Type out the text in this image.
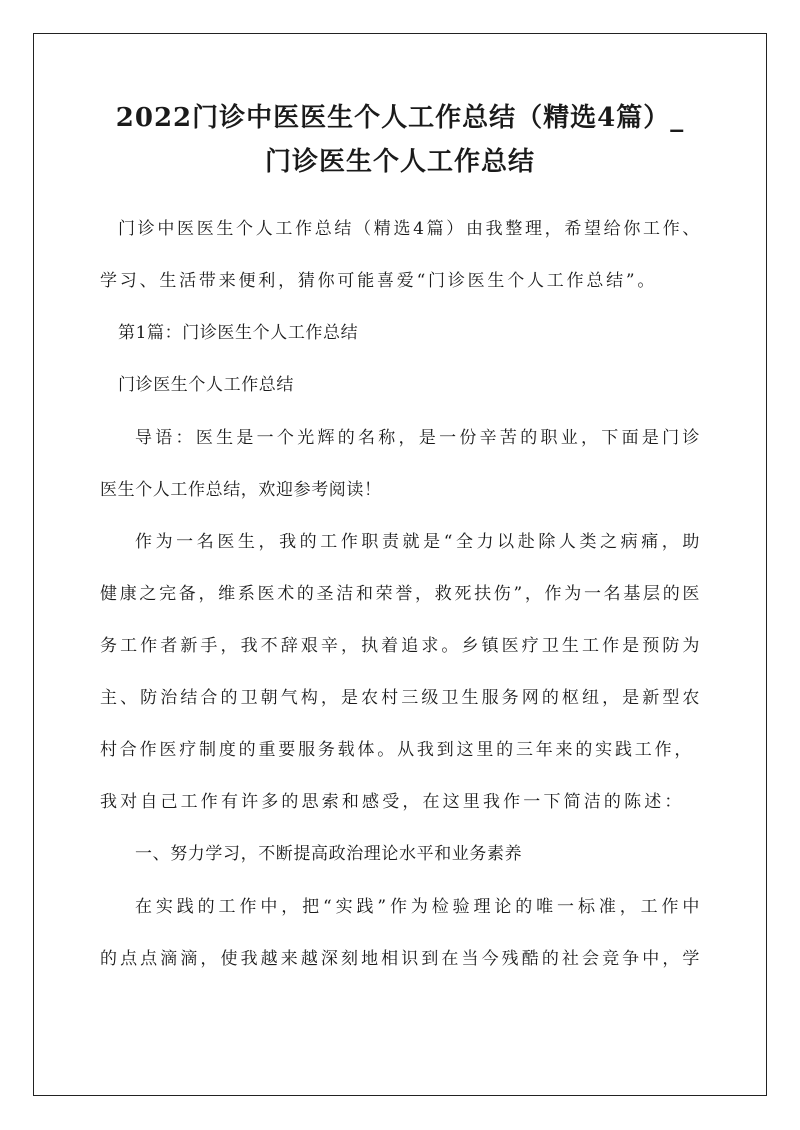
2022门诊中医医生个人工作总结（精选4篇）_
门诊医生个人工作总结
门诊中医医生个人工作总结（精选4篇）由我整理，希望给你工作、
学习、生活带来便利，猜你可能喜爱“门诊医生个人工作总结”。
第1篇：门诊医生个人工作总结
门诊医生个人工作总结
导语：医生是一个光辉的名称，是一份辛苦的职业，下面是门诊
医生个人工作总结，欢迎参考阅读！
作为一名医生，我的工作职责就是“全力以赴除人类之病痛，助
健康之完备，维系医术的圣洁和荣誉，救死扶伤”，作为一名基层的医
务工作者新手，我不辞艰辛，执着追求。乡镇医疗卫生工作是预防为
主、防治结合的卫朝气构，是农村三级卫生服务网的枢纽，是新型农
村合作医疗制度的重要服务载体。从我到这里的三年来的实践工作，
我对自己工作有许多的思索和感受，在这里我作一下简洁的陈述：
一、努力学习，不断提高政治理论水平和业务素养
在实践的工作中，把“实践”作为检验理论的唯一标准，工作中
的点点滴滴，使我越来越深刻地相识到在当今残酷的社会竞争中，学
